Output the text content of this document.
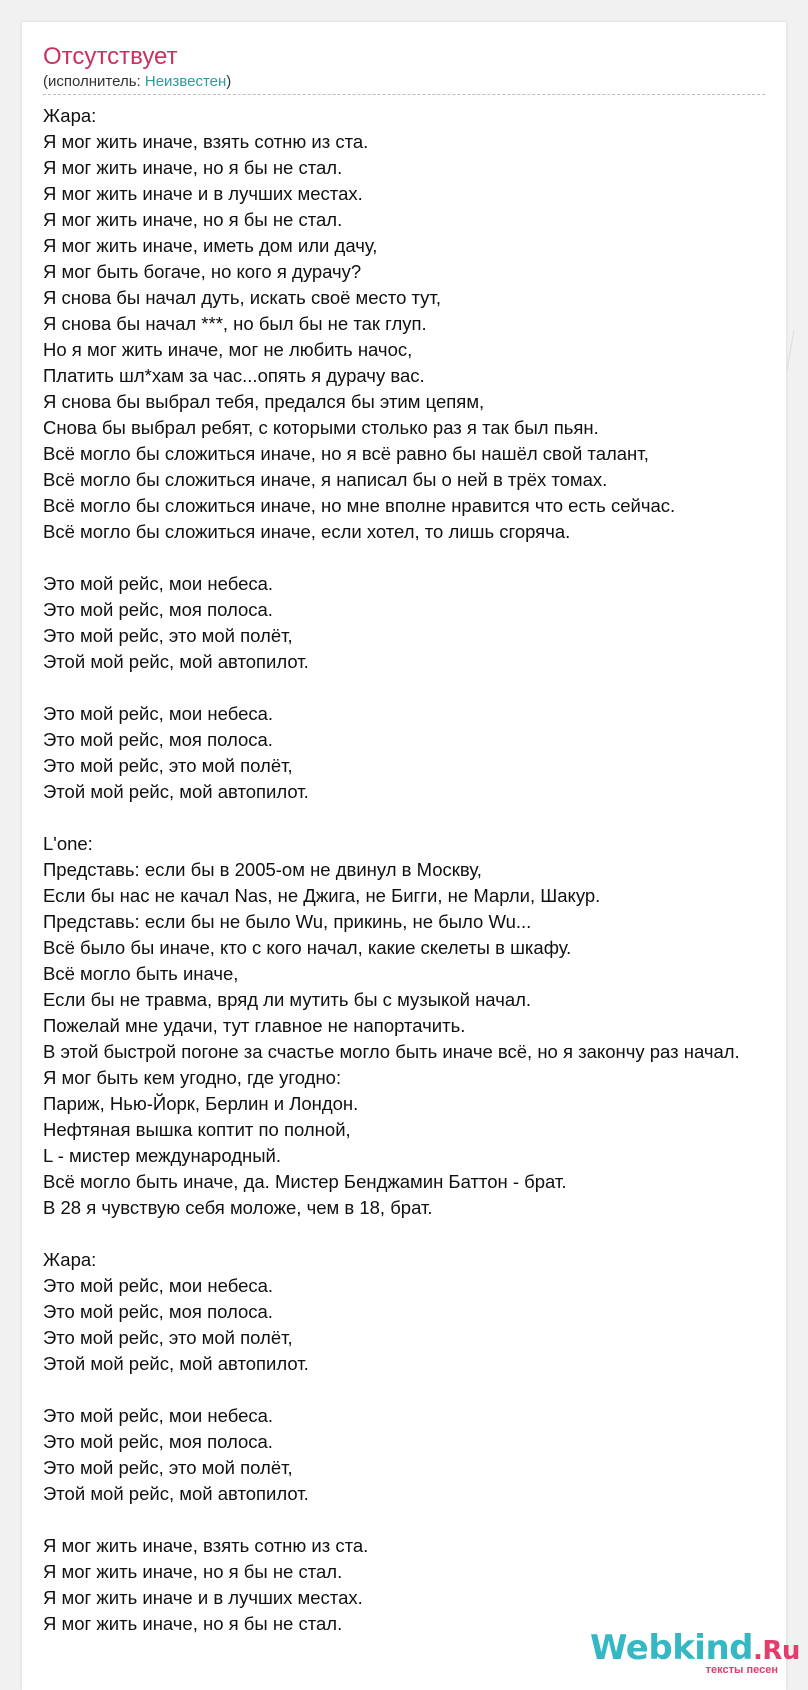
Отсутствует
(исполнитель: Неизвестен)
Жара:
Я мог жить иначе, взять сотню из ста.
Я мог жить иначе, но я бы не стал.
Я мог жить иначе и в лучших местах.
Я мог жить иначе, но я бы не стал.
Я мог жить иначе, иметь дом или дачу,
Я мог быть богаче, но кого я дурачу?
Я снова бы начал дуть, искать своё место тут,
Я снова бы начал ***, но был бы не так глуп.
Но я мог жить иначе, мог не любить начос,
Платить шл*хам за час...опять я дурачу вас.
Я снова бы выбрал тебя, предался бы этим цепям,
Снова бы выбрал ребят, с которыми столько раз я так был пьян.
Всё могло бы сложиться иначе, но я всё равно бы нашёл свой талант,
Всё могло бы сложиться иначе, я написал бы о ней в трёх томах.
Всё могло бы сложиться иначе, но мне вполне нравится что есть сейчас.
Всё могло бы сложиться иначе, если хотел, то лишь сгоряча.
Это мой рейс, мои небеса.
Это мой рейс, моя полоса.
Это мой рейс, это мой полёт,
Этой мой рейс, мой автопилот.
Это мой рейс, мои небеса.
Это мой рейс, моя полоса.
Это мой рейс, это мой полёт,
Этой мой рейс, мой автопилот.
L'one:
Представь: если бы в 2005-ом не двинул в Москву,
Если бы нас не качал Nas, не Джига, не Бигги, не Марли, Шакур.
Представь: если бы не было Wu, прикинь, не было Wu...
Всё было бы иначе, кто с кого начал, какие скелеты в шкафу.
Всё могло быть иначе,
Если бы не травма, вряд ли мутить бы с музыкой начал.
Пожелай мне удачи, тут главное не напортачить.
В этой быстрой погоне за счастье могло быть иначе всё, но я закончу раз начал.
Я мог быть кем угодно, где угодно:
Париж, Нью-Йорк, Берлин и Лондон.
Нефтяная вышка коптит по полной,
L - мистер международный.
Всё могло быть иначе, да. Мистер Бенджамин Баттон - брат.
В 28 я чувствую себя моложе, чем в 18, брат.
Жара:
Это мой рейс, мои небеса.
Это мой рейс, моя полоса.
Это мой рейс, это мой полёт,
Этой мой рейс, мой автопилот.
Это мой рейс, мои небеса.
Это мой рейс, моя полоса.
Это мой рейс, это мой полёт,
Этой мой рейс, мой автопилот.
Я мог жить иначе, взять сотню из ста.
Я мог жить иначе, но я бы не стал.
Я мог жить иначе и в лучших местах.
Я мог жить иначе, но я бы не стал.
Webkind.Ru
тексты песен
